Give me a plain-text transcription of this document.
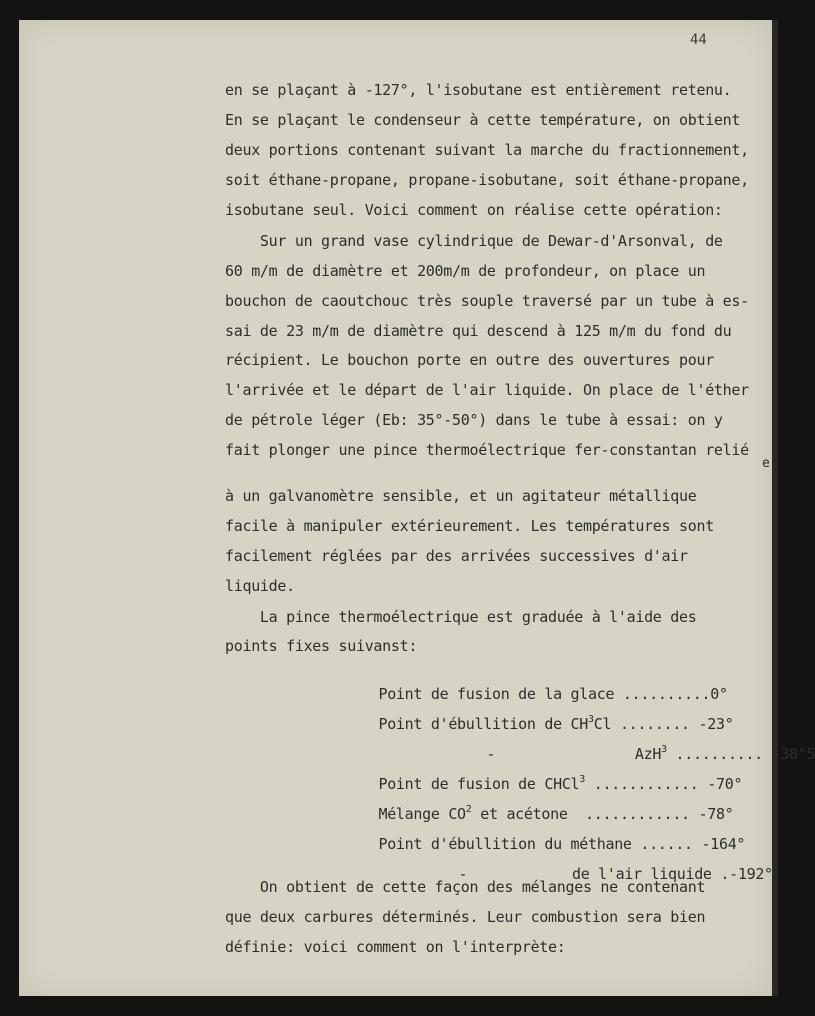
44
en se plaçant à -127°, l'isobutane est entièrement retenu.
En se plaçant le condenseur à cette température, on obtient
deux portions contenant suivant la marche du fractionnement,
soit éthane-propane, propane-isobutane, soit éthane-propane,
isobutane seul. Voici comment on réalise cette opération:
Sur un grand vase cylindrique de Dewar-d'Arsonval, de
60 m/m de diamètre et 200m/m de profondeur, on place un
bouchon de caoutchouc très souple traversé par un tube à es-
sai de 23 m/m de diamètre qui descend à 125 m/m du fond du
récipient. Le bouchon porte en outre des ouvertures pour
l'arrivée et le départ de l'air liquide. On place de l'éther
de pétrole léger (Eb: 35°-50°) dans le tube à essai: on y
fait plonger une pince thermoélectrique fer-constantan relié
e
à un galvanomètre sensible, et un agitateur métallique
facile à manipuler extérieurement. Les températures sont
facilement réglées par des arrivées successives d'air
liquide.
La pince thermoélectrique est graduée à l'aide des
points fixes suivanst:

Point de fusion de la glace ..........0°

Point d'ébullition de $CH^3Cl$ ........ -23°

-                AzH$^3$ .......... -38°5

Point de fusion de CHCl$^3$ ............ -70°

Mélange $CO^2$ et acétone  ............ -78°

Point d'ébullition du méthane ...... -164°

-            de l'air liquide .-192°

On obtient de cette façon des mélanges ne contenant
que deux carbures déterminés. Leur combustion sera bien
définie: voici comment on l'interprète:
